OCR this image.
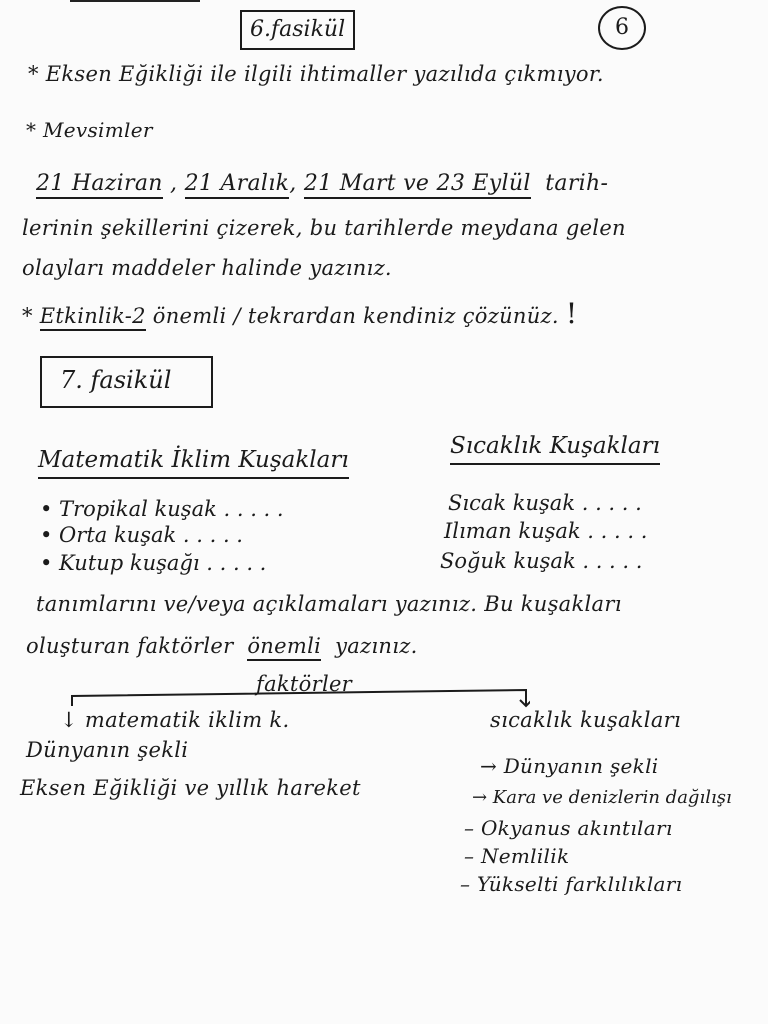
6.fasikül	6
* Eksen Eğikliği ile ilgili ihtimaller yazılıda çıkmıyor.
* Mevsimler
21 Haziran , 21 Aralık, 21 Mart ve 23 Eylül tarih-
lerinin şekillerini çizerek, bu tarihlerde meydana gelen
olayları maddeler halinde yazınız.
* Etkinlik-2 önemli / tekrardan kendiniz çözünüz. !
7. fasikül
Matematik İklim Kuşakları
Sıcaklık Kuşakları
• Tropikal kuşak . . . . .
• Orta kuşak . . . . .
• Kutup kuşağı . . . . .
Sıcak kuşak . . . . .
Ilıman kuşak . . . . .
Soğuk kuşak . . . . .
tanımlarını ve/veya açıklamaları yazınız. Bu kuşakları
oluşturan faktörler önemli yazınız.
faktörler
↓ matematik iklim k.
Dünyanın şekli
Eksen Eğikliği ve yıllık hareket
sıcaklık kuşakları
→ Dünyanın şekli
→ Kara ve denizlerin dağılışı
– Okyanus akıntıları
– Nemlilik
– Yükselti farklılıkları
